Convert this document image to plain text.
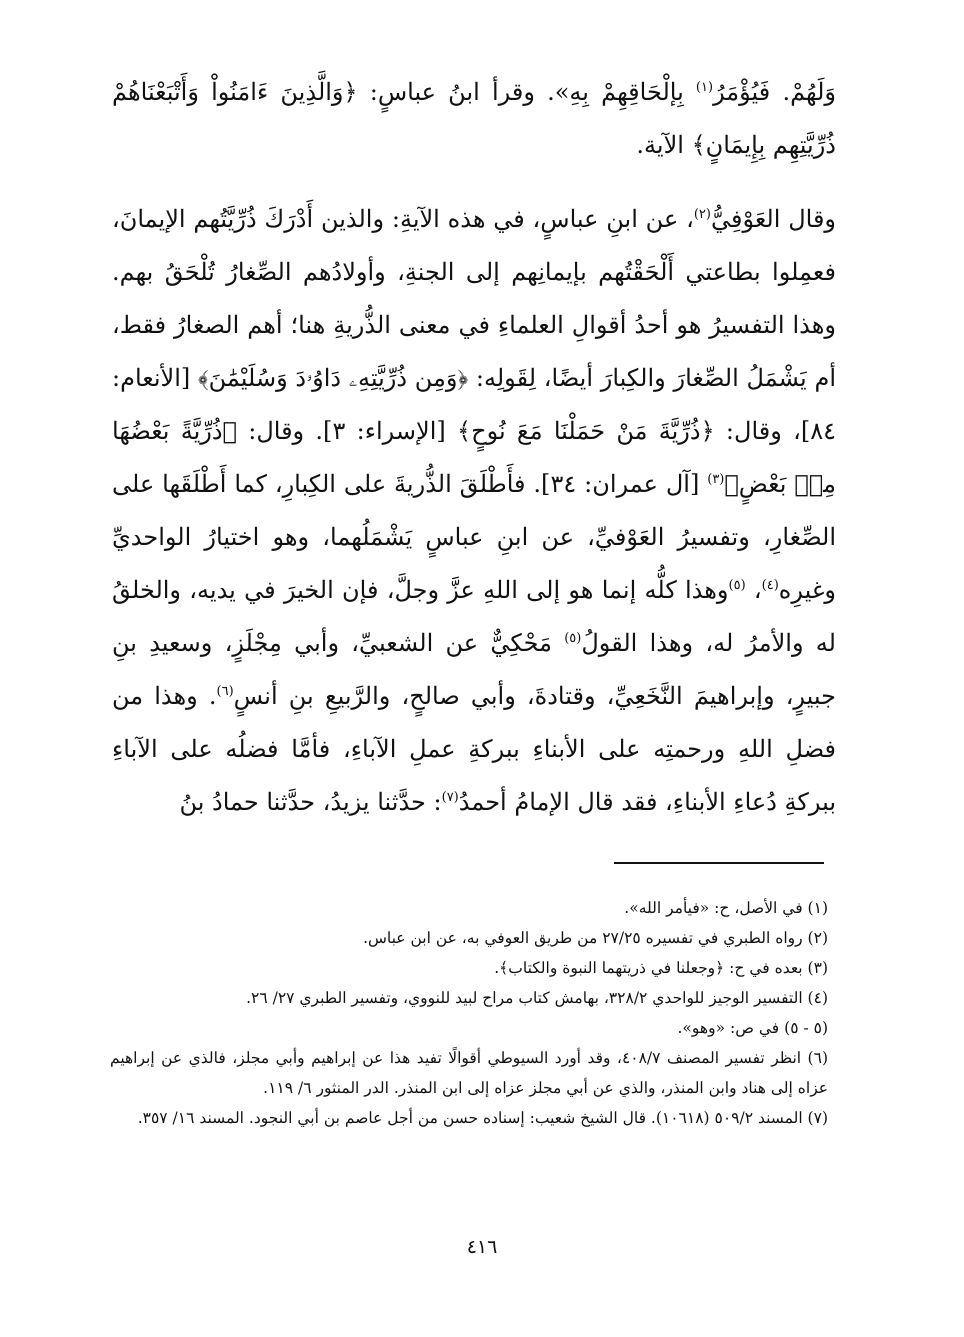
وَلَهُمْ. فَيُؤْمَرُ$^{(١)}$ بِإلْحَاقِهِمْ بِهِ». وقرأ ابنُ عباسٍ: ﴿وَالَّذِينَ ءَامَنُواْ وَأَتْبَعْنَاهُمْ ذُرِّيَّتِهِم بِإِيمَانٍ﴾ الآية.

وقال العَوْفِيُّ$^{(٢)}$، عن ابنِ عباسٍ، في هذه الآيةِ: والذين أَدْرَكَ ذُرِّيَّتُهم الإيمانَ، فعمِلوا بطاعتي أَلْحَقْتُهم بإيمانِهم إلى الجنةِ، وأولادُهم الصِّغارُ تُلْحَقُ بهم. وهذا التفسيرُ هو أحدُ أقوالِ العلماءِ في معنى الذُّريةِ هنا؛ أهم الصغارُ فقط، أم يَشْمَلُ الصِّغارَ والكِبارَ أيضًا، لِقَولِه: ﴿وَمِن ذُرِّيَّتِهِۦ دَاوُۥدَ وَسُلَيْمَٰنَ﴾ [الأنعام: ٨٤]، وقال: ﴿ذُرِّيَّةَ مَنْ حَمَلْنَا مَعَ نُوحٍ﴾ [الإسراء: ٣]. وقال: ﴿ذُرِّيَّةً بَعْضُهَا مِنۢ بَعْضٍ﴾$^{(٣)}$ [آل عمران: ٣٤]. فأَطْلَقَ الذُّريةَ على الكِبارِ، كما أَطْلَقَها على الصِّغارِ، وتفسيرُ العَوْفيِّ، عن ابنِ عباسٍ يَشْمَلُهما، وهو اختيارُ الواحديِّ وغيرِه$^{(٤)}$، $^{(٥)}$وهذا كلُّه إنما هو إلى اللهِ عزَّ وجلَّ، فإن الخيرَ في يديه، والخلقُ له والأمرُ له، وهذا القولُ$^{(٥)}$ مَحْكِيٌّ عن الشعبيِّ، وأبي مِجْلَزٍ، وسعيدِ بنِ جبيرٍ، وإبراهيمَ النَّخَعِيِّ، وقتادةَ، وأبي صالحٍ، والرَّبيعِ بنِ أنسٍ$^{(٦)}$. وهذا من فضلِ اللهِ ورحمتِه على الأبناءِ ببركةِ عملِ الآباءِ، فأمَّا فضلُه على الآباءِ ببركةِ دُعاءِ الأبناءِ، فقد قال الإمامُ أحمدُ$^{(٧)}$: حدَّثنا يزيدُ، حدَّثنا حمادُ بنُ

(١) في الأصل، ح: «فيأمر الله».
(٢) رواه الطبري في تفسيره ٢٧/٢٥ من طريق العوفي به، عن ابن عباس.
(٣) بعده في ح: ﴿وجعلنا في ذريتهما النبوة والكتاب﴾.
(٤) التفسير الوجيز للواحدي ٣٢٨/٢، بهامش كتاب مراح لبيد للنووي، وتفسير الطبري ٢٧/ ٢٦.
(٥ - ٥) في ص: «وهو».
(٦) انظر تفسير المصنف ٤٠٨/٧، وقد أورد السيوطي أقوالًا تفيد هذا عن إبراهيم وأبي مجلز، فالذي عن إبراهيم عزاه إلى هناد وابن المنذر، والذي عن أبي مجلز عزاه إلى ابن المنذر. الدر المنثور ٦/ ١١٩.
(٧) المسند ٥٠٩/٢ (١٠٦١٨). قال الشيخ شعيب: إسناده حسن من أجل عاصم بن أبي النجود. المسند ١٦/ ٣٥٧.
٤١٦
